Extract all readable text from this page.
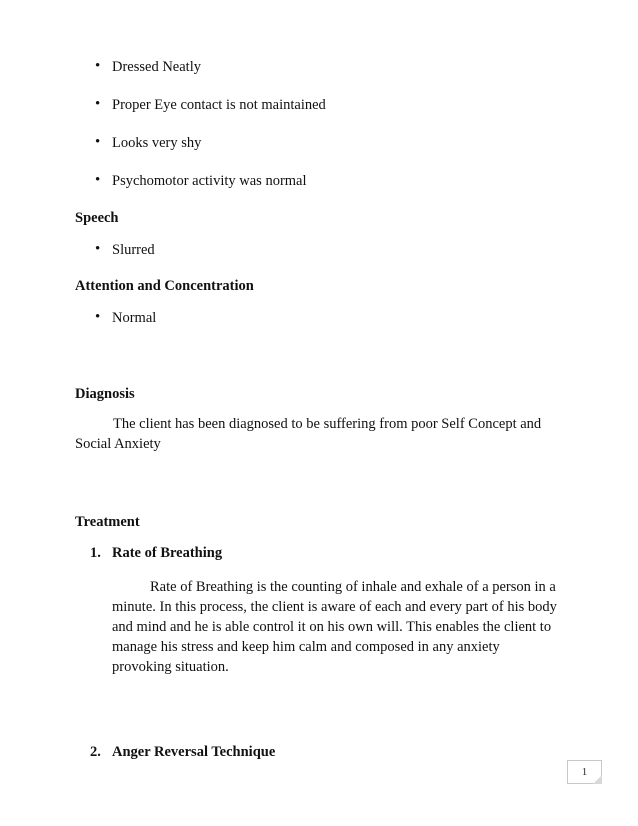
• Dressed Neatly
• Proper Eye contact is not maintained
• Looks very shy
• Psychomotor activity was normal
Speech
• Slurred
Attention and Concentration
• Normal
Diagnosis

The client has been diagnosed to be suffering from poor Self Concept and Social Anxiety

Treatment
1. Rate of Breathing

Rate of Breathing is the counting of inhale and exhale of a person in a minute. In this process, the client is aware of each and every part of his body and mind and he is able control it on his own will. This enables the client to manage his stress and keep him calm and composed in any anxiety provoking situation.

2. Anger Reversal Technique
1
